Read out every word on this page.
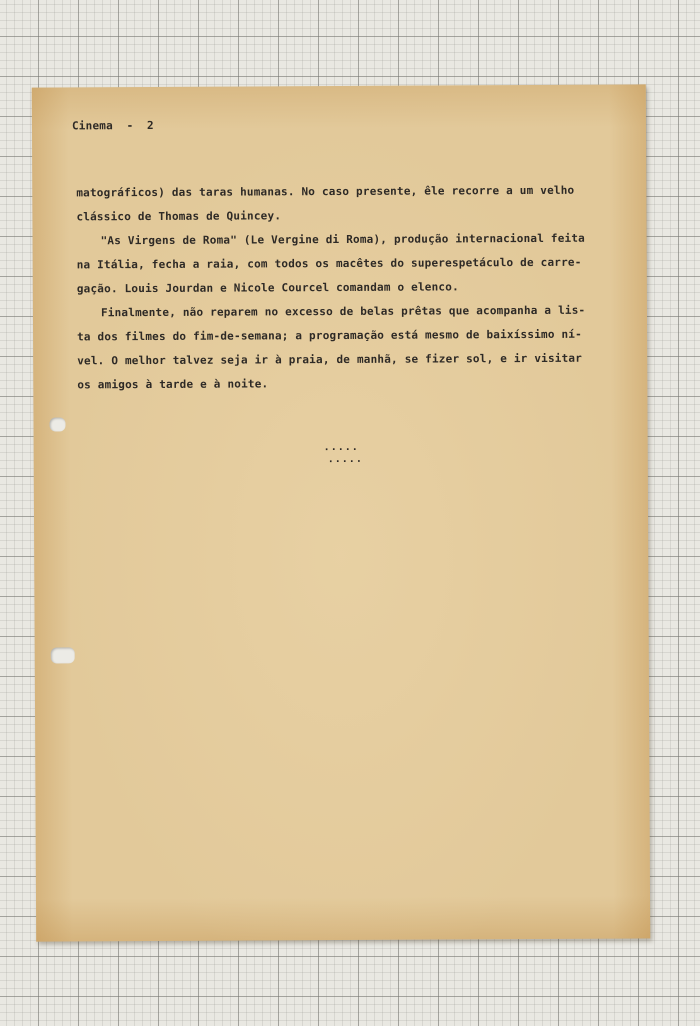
Cinema  -  2
matográficos) das taras humanas. No caso presente, êle recorre a um velho
clássico de Thomas de Quincey.
"As Virgens de Roma" (Le Vergine di Roma), produção internacional feita
na Itália, fecha a raia, com todos os macêtes do superespetáculo de carre-
gação. Louis Jourdan e Nicole Courcel comandam o elenco.
Finalmente, não reparem no excesso de belas prêtas que acompanha a lis-
ta dos filmes do fim-de-semana; a programação está mesmo de baixíssimo ní-
vel. O melhor talvez seja ir à praia, de manhã, se fizer sol, e ir visitar
os amigos à tarde e à noite.
.....
.....
